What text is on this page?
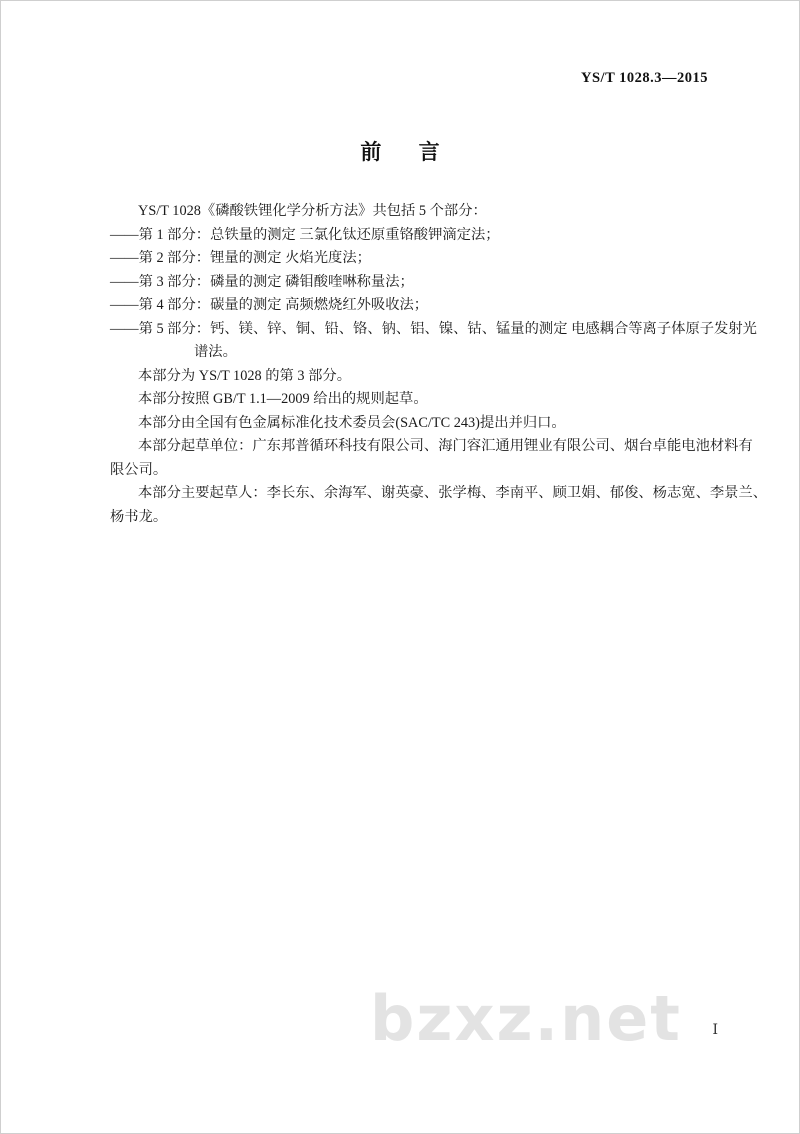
YS/T 1028.3—2015
前 言
YS/T 1028《磷酸铁锂化学分析方法》共包括 5 个部分：
——第 1 部分：总铁量的测定 三氯化钛还原重铬酸钾滴定法；
——第 2 部分：锂量的测定 火焰光度法；
——第 3 部分：磷量的测定 磷钼酸喹啉称量法；
——第 4 部分：碳量的测定 高频燃烧红外吸收法；
——第 5 部分：钙、镁、锌、铜、铅、铬、钠、铝、镍、钴、锰量的测定 电感耦合等离子体原子发射光
谱法。
本部分为 YS/T 1028 的第 3 部分。
本部分按照 GB/T 1.1—2009 给出的规则起草。
本部分由全国有色金属标准化技术委员会(SAC/TC 243)提出并归口。
本部分起草单位：广东邦普循环科技有限公司、海门容汇通用锂业有限公司、烟台卓能电池材料有
限公司。
本部分主要起草人：李长东、余海军、谢英豪、张学梅、李南平、顾卫娟、郁俊、杨志宽、李景兰、
杨书龙。
bzxz.net Ⅰ
